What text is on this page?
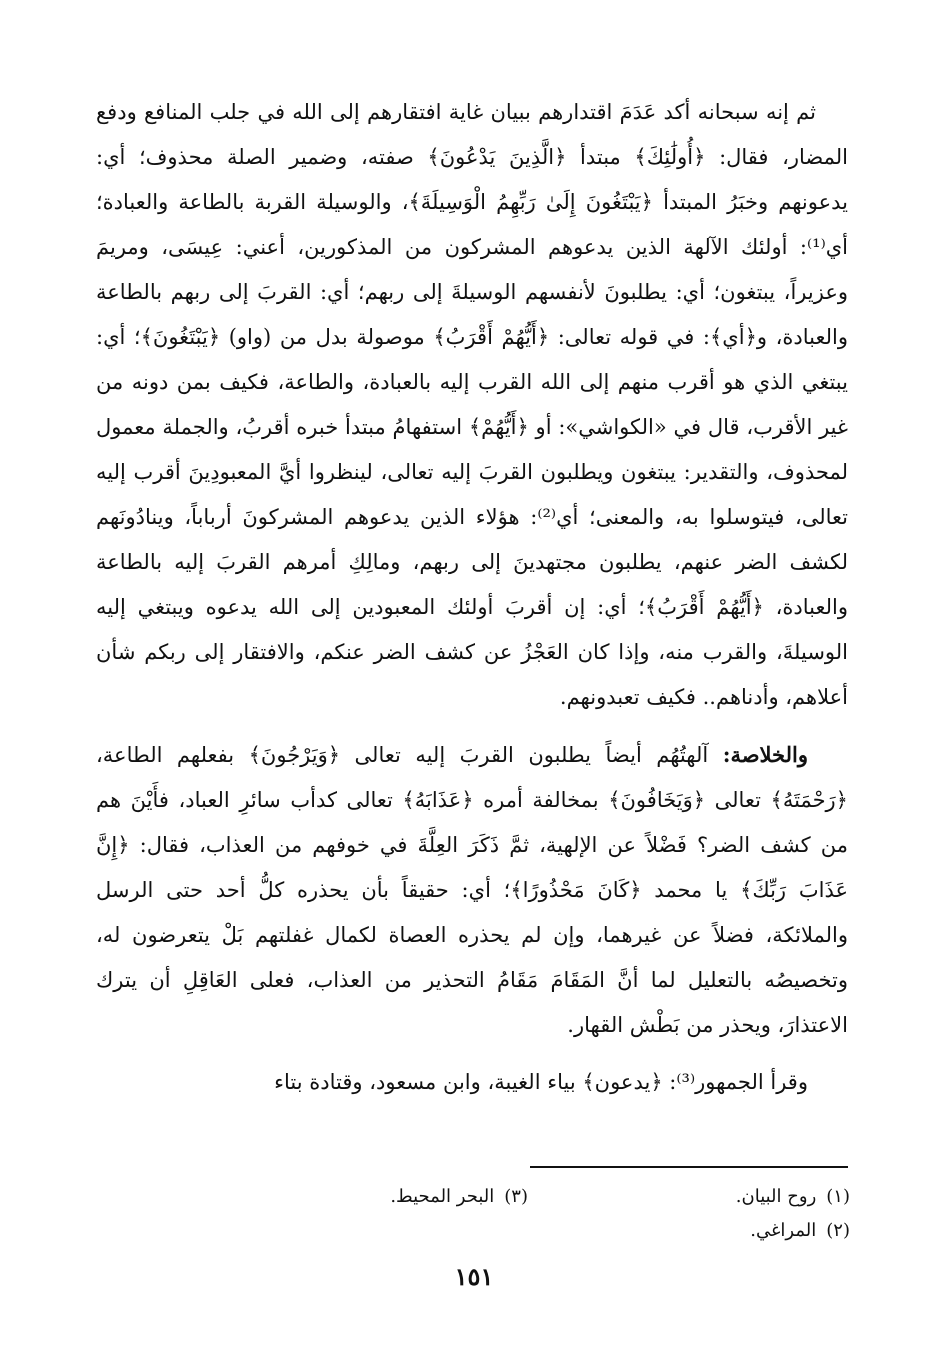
ثم إنه سبحانه أكد عَدَمَ اقتدارهم ببيان غاية افتقارهم إلى الله في جلب المنافع ودفع المضار، فقال: ﴿أُولَٰئِكَ﴾ مبتدأ ﴿الَّذِينَ يَدْعُونَ﴾ صفته، وضمير الصلة محذوف؛ أي: يدعونهم وخبَرُ المبتدأ ﴿يَبْتَغُونَ إِلَىٰ رَبِّهِمُ الْوَسِيلَةَ﴾، والوسيلة القربة بالطاعة والعبادة؛ أي⁽¹⁾: أولئك الآلهة الذين يدعوهم المشركون من المذكورين، أعني: عِيسَى، ومريمَ وعزيراً، يبتغون؛ أي: يطلبونَ لأنفسهم الوسيلةَ إلى ربهم؛ أي: القربَ إلى ربهم بالطاعة والعبادة، و﴿أي﴾: في قوله تعالى: ﴿أَيُّهُمْ أَقْرَبُ﴾ موصولة بدل من (واو) ﴿يَبْتَغُونَ﴾؛ أي: يبتغي الذي هو أقرب منهم إلى الله القرب إليه بالعبادة، والطاعة، فكيف بمن دونه من غير الأقرب، قال في «الكواشي»: أو ﴿أَيُّهُمْ﴾ استفهامُ مبتدأ خبره أقربُ، والجملة معمول لمحذوف، والتقدير: يبتغون ويطلبون القربَ إليه تعالى، لينظروا أيَّ المعبودِينَ أقرب إليه تعالى، فيتوسلوا به، والمعنى؛ أي⁽²⁾: هؤلاء الذين يدعوهم المشركونَ أرباباً، وينادُونَهم لكشف الضر عنهم، يطلبون مجتهدينَ إلى ربهم، ومالِكِ أمرهم القربَ إليه بالطاعة والعبادة، ﴿أَيُّهُمْ أَقْرَبُ﴾؛ أي: إن أقربَ أولئك المعبودين إلى الله يدعوه ويبتغي إليه الوسيلةَ، والقرب منه، وإذا كان العَجْزُ عن كشف الضر عنكم، والافتقار إلى ربكم شأن أعلاهم، وأدناهم.. فكيف تعبدونهم.

والخلاصة: آلهتُهُم أيضاً يطلبون القربَ إليه تعالى ﴿وَيَرْجُونَ﴾ بفعلهم الطاعة، ﴿رَحْمَتَهُ﴾ تعالى ﴿وَيَخَافُونَ﴾ بمخالفة أمره ﴿عَذَابَهُ﴾ تعالى كدأب سائرِ العباد، فأَيْنَ هم من كشف الضر؟ فَضْلاً عن الإلهية، ثمَّ ذَكَرَ العِلَّةَ في خوفهم من العذاب، فقال: ﴿إِنَّ عَذَابَ رَبِّكَ﴾ يا محمد ﴿كَانَ مَحْذُورًا﴾؛ أي: حقيقاً بأن يحذره كلُّ أحد حتى الرسل والملائكة، فضلاً عن غيرهما، وإن لم يحذره العصاة لكمال غفلتهم بَلْ يتعرضون له، وتخصيصُه بالتعليل لما أنَّ المَقَامَ مَقَامُ التحذير من العذاب، فعلى العَاقِلِ أن يترك الاعتذارَ، ويحذر من بَطْش القهار.

وقرأ الجمهور⁽³⁾: ﴿يدعون﴾ بياء الغيبة، وابن مسعود، وقتادة بتاء

(١)روح البيان.
(٢)المراغي.
(٣)البحر المحيط.
١٥١
